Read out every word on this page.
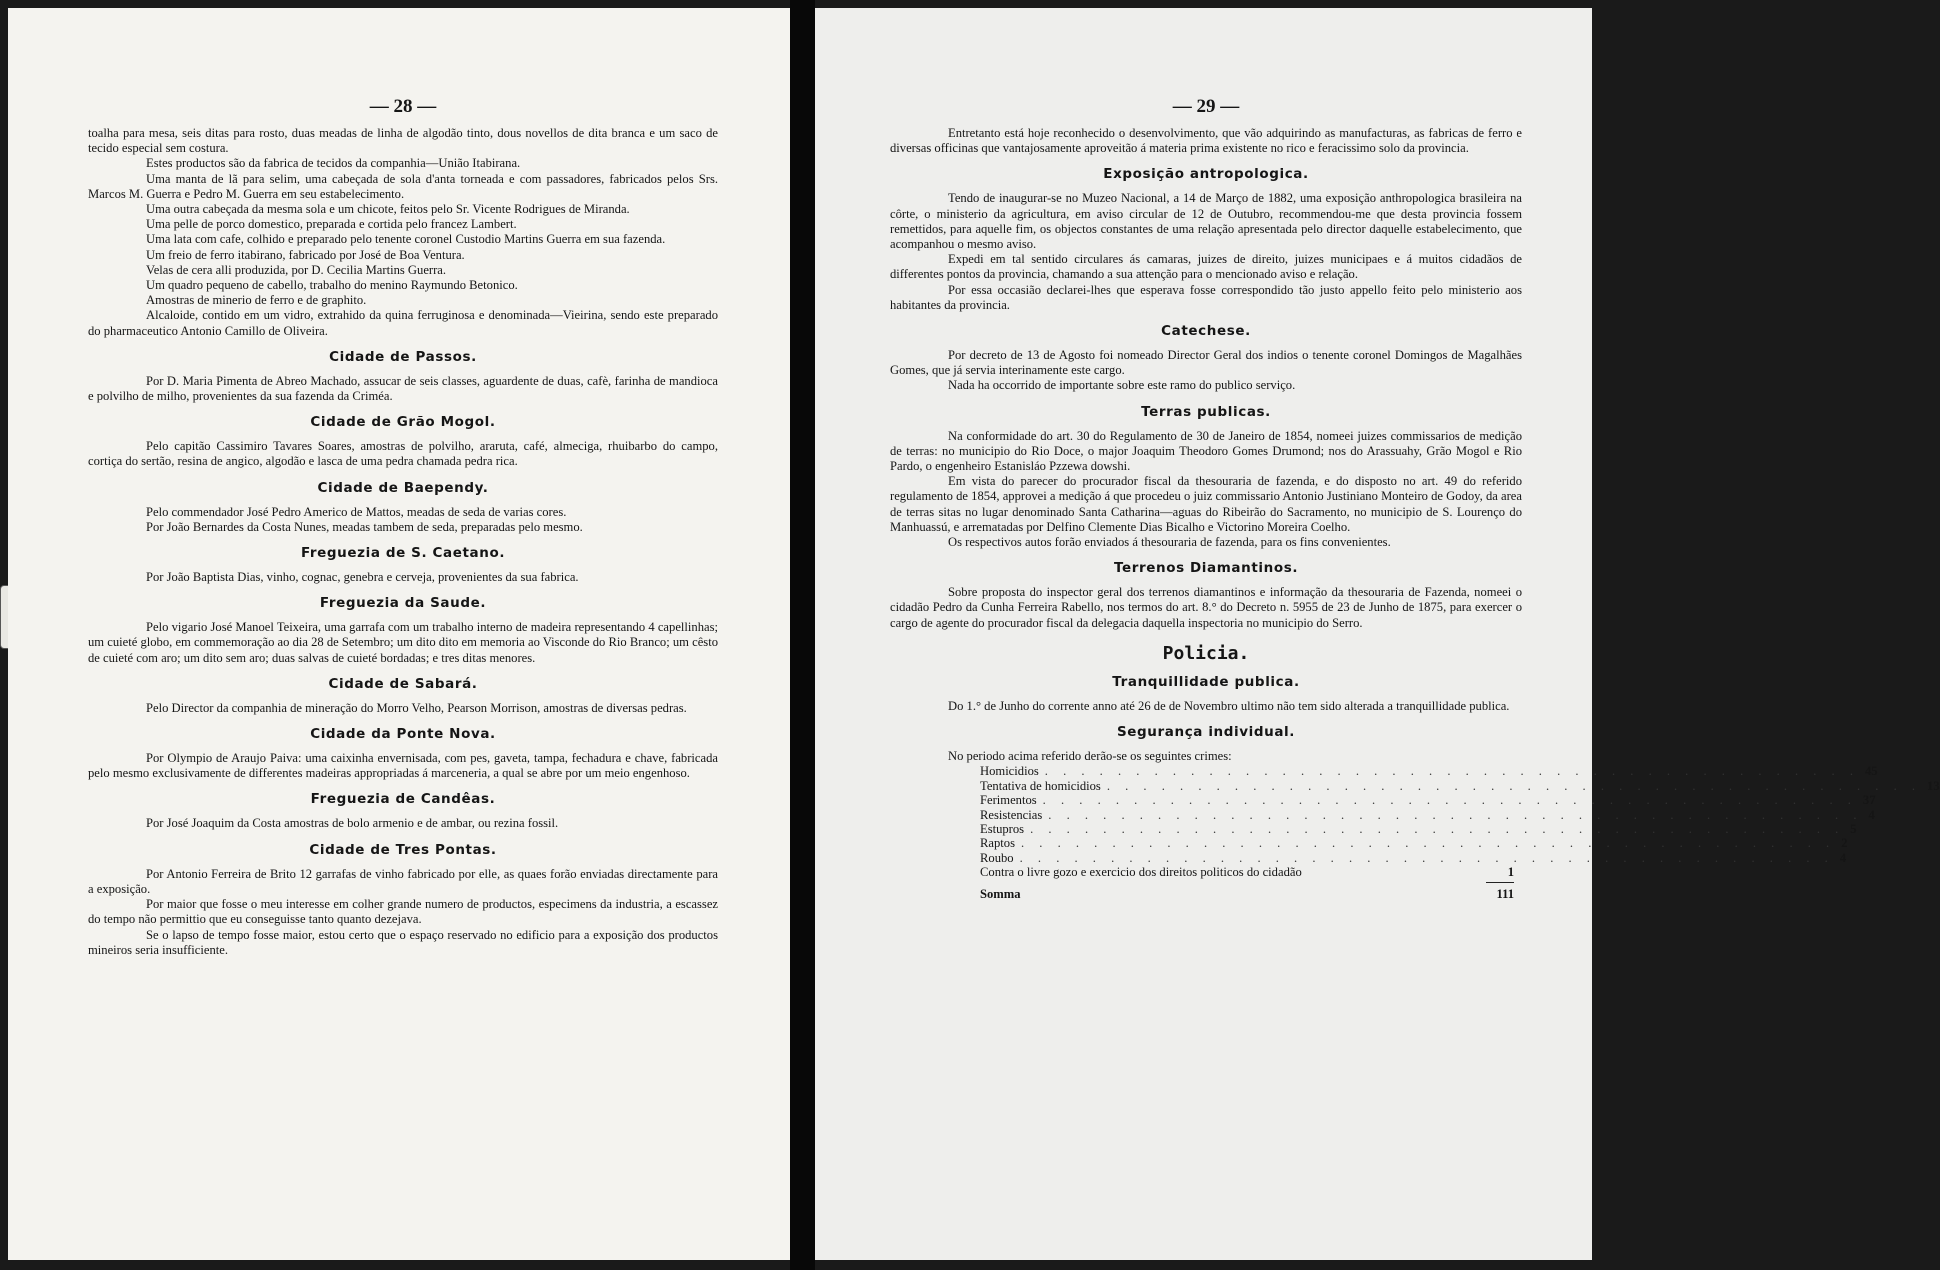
— 28 —

toalha para mesa, seis ditas para rosto, duas meadas de linha de algodão tinto, dous novellos de dita branca e um saco de tecido especial sem costura.

Estes productos são da fabrica de tecidos da companhia—União Itabirana.

Uma manta de lã para selim, uma cabeçada de sola d'anta torneada e com passadores, fabricados pelos Srs. Marcos M. Guerra e Pedro M. Guerra em seu estabelecimento.

Uma outra cabeçada da mesma sola e um chicote, feitos pelo Sr. Vicente Rodrigues de Miranda.

Uma pelle de porco domestico, preparada e cortida pelo francez Lambert.

Uma lata com cafe, colhido e preparado pelo tenente coronel Custodio Martins Guerra em sua fazenda.

Um freio de ferro itabirano, fabricado por José de Boa Ventura.

Velas de cera alli produzida, por D. Cecilia Martins Guerra.

Um quadro pequeno de cabello, trabalho do menino Raymundo Betonico.

Amostras de minerio de ferro e de graphito.

Alcaloide, contido em um vidro, extrahido da quina ferruginosa e denominada—Vieirina, sendo este preparado do pharmaceutico Antonio Camillo de Oliveira.

Cidade de Passos.

Por D. Maria Pimenta de Abreo Machado, assucar de seis classes, aguardente de duas, cafè, farinha de mandioca e polvilho de milho, provenientes da sua fazenda da Criméa.

Cidade de Grão Mogol.

Pelo capitão Cassimiro Tavares Soares, amostras de polvilho, araruta, café, almeciga, rhuibarbo do campo, cortiça do sertão, resina de angico, algodão e lasca de uma pedra chamada pedra rica.

Cidade de Baependy.

Pelo commendador José Pedro Americo de Mattos, meadas de seda de varias cores.

Por João Bernardes da Costa Nunes, meadas tambem de seda, preparadas pelo mesmo.

Freguezia de S. Caetano.

Por João Baptista Dias, vinho, cognac, genebra e cerveja, provenientes da sua fabrica.

Freguezia da Saude.

Pelo vigario José Manoel Teixeira, uma garrafa com um trabalho interno de madeira representando 4 capellinhas; um cuieté globo, em commemoração ao dia 28 de Setembro; um dito dito em memoria ao Visconde do Rio Branco; um cêsto de cuieté com aro; um dito sem aro; duas salvas de cuieté bordadas; e tres ditas menores.

Cidade de Sabará.

Pelo Director da companhia de mineração do Morro Velho, Pearson Morrison, amostras de diversas pedras.

Cidade da Ponte Nova.

Por Olympio de Araujo Paiva: uma caixinha envernisada, com pes, gaveta, tampa, fechadura e chave, fabricada pelo mesmo exclusivamente de differentes madeiras appropriadas á marceneria, a qual se abre por um meio engenhoso.

Freguezia de Candêas.

Por José Joaquim da Costa amostras de bolo armenio e de ambar, ou rezina fossil.

Cidade de Tres Pontas.

Por Antonio Ferreira de Brito 12 garrafas de vinho fabricado por elle, as quaes forão enviadas directamente para a exposição.

Por maior que fosse o meu interesse em colher grande numero de productos, especimens da industria, a escassez do tempo não permittio que eu conseguisse tanto quanto dezejava.

Se o lapso de tempo fosse maior, estou certo que o espaço reservado no edificio para a exposição dos productos mineiros seria insufficiente.

— 29 —

Entretanto está hoje reconhecido o desenvolvimento, que vão adquirindo as manufacturas, as fabricas de ferro e diversas officinas que vantajosamente aproveitão á materia prima existente no rico e feracissimo solo da provincia.

Exposição antropologica.

Tendo de inaugurar-se no Muzeo Nacional, a 14 de Março de 1882, uma exposição anthropologica brasileira na côrte, o ministerio da agricultura, em aviso circular de 12 de Outubro, recommendou-me que desta provincia fossem remettidos, para aquelle fim, os objectos constantes de uma relação apresentada pelo director daquelle estabelecimento, que acompanhou o mesmo aviso.

Expedi em tal sentido circulares ás camaras, juizes de direito, juizes municipaes e á muitos cidadãos de differentes pontos da provincia, chamando a sua attenção para o mencionado aviso e relação.

Por essa occasião declarei-lhes que esperava fosse correspondido tão justo appello feito pelo ministerio aos habitantes da provincia.

Catechese.

Por decreto de 13 de Agosto foi nomeado Director Geral dos indios o tenente coronel Domingos de Magalhães Gomes, que já servia interinamente este cargo.

Nada ha occorrido de importante sobre este ramo do publico serviço.

Terras publicas.

Na conformidade do art. 30 do Regulamento de 30 de Janeiro de 1854, nomeei juizes commissarios de medição de terras: no municipio do Rio Doce, o major Joaquim Theodoro Gomes Drumond; nos do Arassuahy, Grão Mogol e Rio Pardo, o engenheiro Estanisláo Pzzewa dowshi.

Em vista do parecer do procurador fiscal da thesouraria de fazenda, e do disposto no art. 49 do referido regulamento de 1854, approvei a medição á que procedeu o juiz commissario Antonio Justiniano Monteiro de Godoy, da area de terras sitas no lugar denominado Santa Catharina—aguas do Ribeirão do Sacramento, no municipio de S. Lourenço do Manhuassú, e arrematadas por Delfino Clemente Dias Bicalho e Victorino Moreira Coelho.

Os respectivos autos forão enviados á thesouraria de fazenda, para os fins convenientes.

Terrenos Diamantinos.

Sobre proposta do inspector geral dos terrenos diamantinos e informação da thesouraria de Fazenda, nomeei o cidadão Pedro da Cunha Ferreira Rabello, nos termos do art. 8.° do Decreto n. 5955 de 23 de Junho de 1875, para exercer o cargo de agente do procurador fiscal da delegacia daquella inspectoria no municipio do Serro.

Policia.
Tranquillidade publica.

Do 1.° de Junho do corrente anno até 26 de de Novembro ultimo não tem sido alterada a tranquillidade publica.

Segurança individual.

No periodo acima referido derão-se os seguintes crimes:

Homicidios . . . . . . . . . . . . . . . . . . . . . . . . . . . . . . . . . . . . . . . . . . . . . 45
Tentativa de homicidios . . . . . . . . . . . . . . . . . . . . . . . . . . . . . . . . . . . . . . . . . . . . . 13
Ferimentos . . . . . . . . . . . . . . . . . . . . . . . . . . . . . . . . . . . . . . . . . . . . . 37
Resistencias . . . . . . . . . . . . . . . . . . . . . . . . . . . . . . . . . . . . . . . . . . . . . 4
Estupros . . . . . . . . . . . . . . . . . . . . . . . . . . . . . . . . . . . . . . . . . . . . . 5
Raptos . . . . . . . . . . . . . . . . . . . . . . . . . . . . . . . . . . . . . . . . . . . . . 2
Roubo . . . . . . . . . . . . . . . . . . . . . . . . . . . . . . . . . . . . . . . . . . . . . 4
Contra o livre gozo e exercicio dos direitos politicos do cidadão	1
Somma	111
